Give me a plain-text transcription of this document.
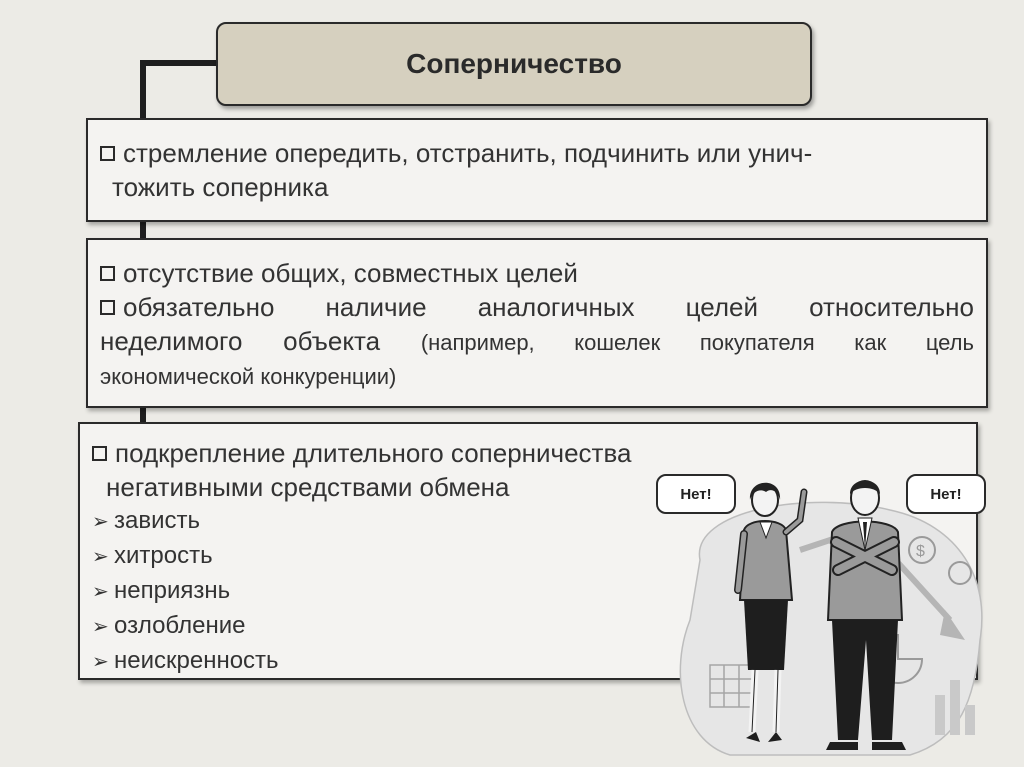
Соперничество
стремление опередить, отстранить, подчинить или унич-
тожить соперника
отсутствие общих, совместных целей
обязательно наличие аналогичных целей относительно
неделимого объекта (например, кошелек покупателя как цель
экономической конкуренции)
подкрепление длительного соперничества
негативными средствами обмена
➢ зависть
➢ хитрость
➢ неприязнь
➢ озлобление
➢ неискренность
$
Нет!	Нет!
